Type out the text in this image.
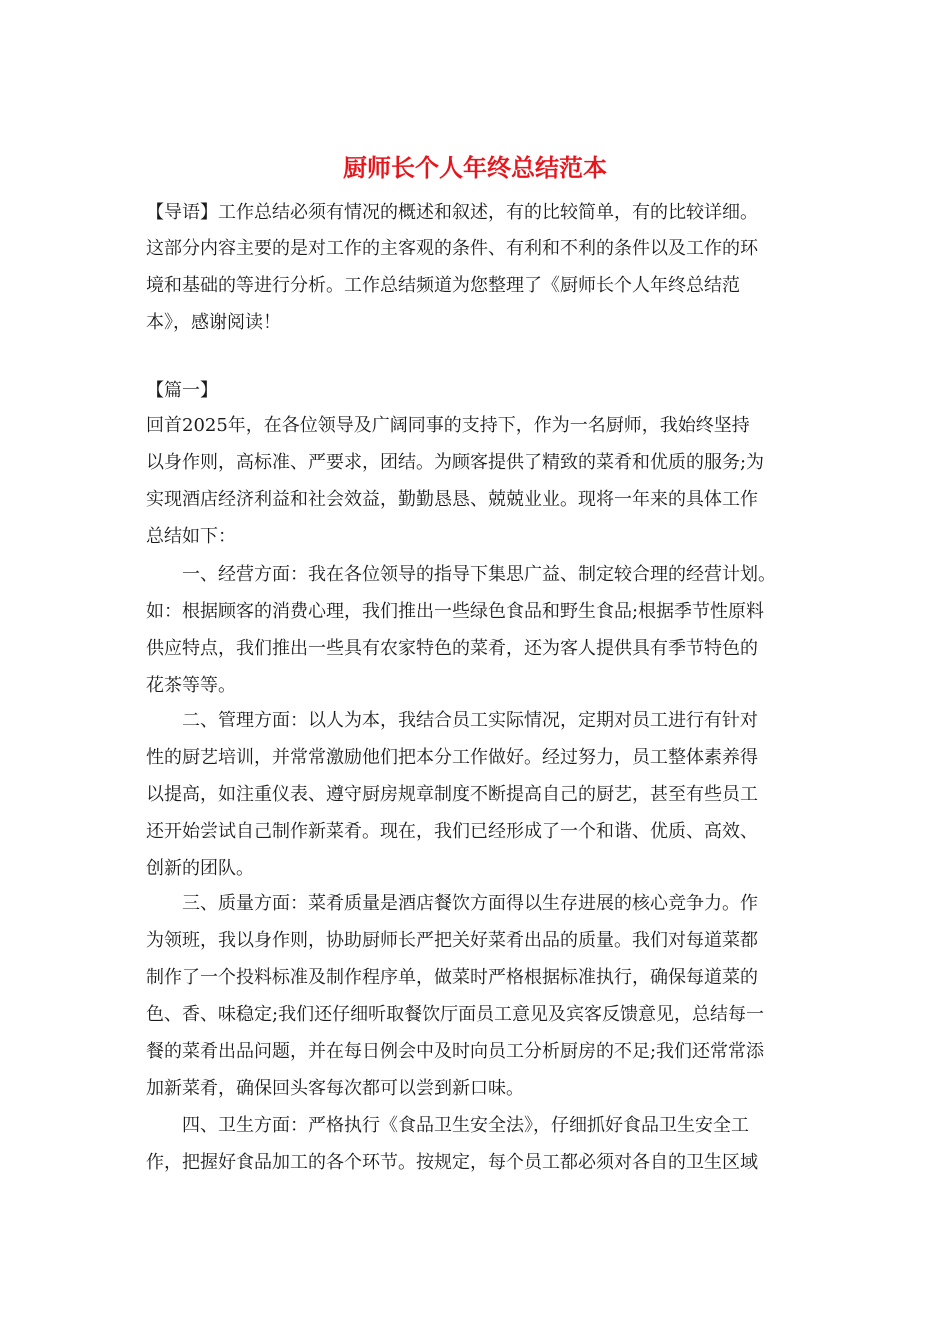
厨师长个人年终总结范本

【导语】工作总结必须有情况的概述和叙述，有的比较简单，有的比较详细。

这部分内容主要的是对工作的主客观的条件、有利和不利的条件以及工作的环

境和基础的等进行分析。工作总结频道为您整理了《厨师长个人年终总结范

本》，感谢阅读！

【篇一】

回首2025年，在各位领导及广阔同事的支持下，作为一名厨师，我始终坚持

以身作则，高标准、严要求，团结。为顾客提供了精致的菜肴和优质的服务;为

实现酒店经济利益和社会效益，勤勤恳恳、兢兢业业。现将一年来的具体工作

总结如下：

　　一、经营方面：我在各位领导的指导下集思广益、制定较合理的经营计划。

如：根据顾客的消费心理，我们推出一些绿色食品和野生食品;根据季节性原料

供应特点，我们推出一些具有农家特色的菜肴，还为客人提供具有季节特色的

花茶等等。

　　二、管理方面：以人为本，我结合员工实际情况，定期对员工进行有针对

性的厨艺培训，并常常激励他们把本分工作做好。经过努力，员工整体素养得

以提高，如注重仪表、遵守厨房规章制度不断提高自己的厨艺，甚至有些员工

还开始尝试自己制作新菜肴。现在，我们已经形成了一个和谐、优质、高效、

创新的团队。

　　三、质量方面：菜肴质量是酒店餐饮方面得以生存进展的核心竞争力。作

为领班，我以身作则，协助厨师长严把关好菜肴出品的质量。我们对每道菜都

制作了一个投料标准及制作程序单，做菜时严格根据标准执行，确保每道菜的

色、香、味稳定;我们还仔细听取餐饮厅面员工意见及宾客反馈意见，总结每一

餐的菜肴出品问题，并在每日例会中及时向员工分析厨房的不足;我们还常常添

加新菜肴，确保回头客每次都可以尝到新口味。

　　四、卫生方面：严格执行《食品卫生安全法》，仔细抓好食品卫生安全工

作，把握好食品加工的各个环节。按规定，每个员工都必须对各自的卫生区域
